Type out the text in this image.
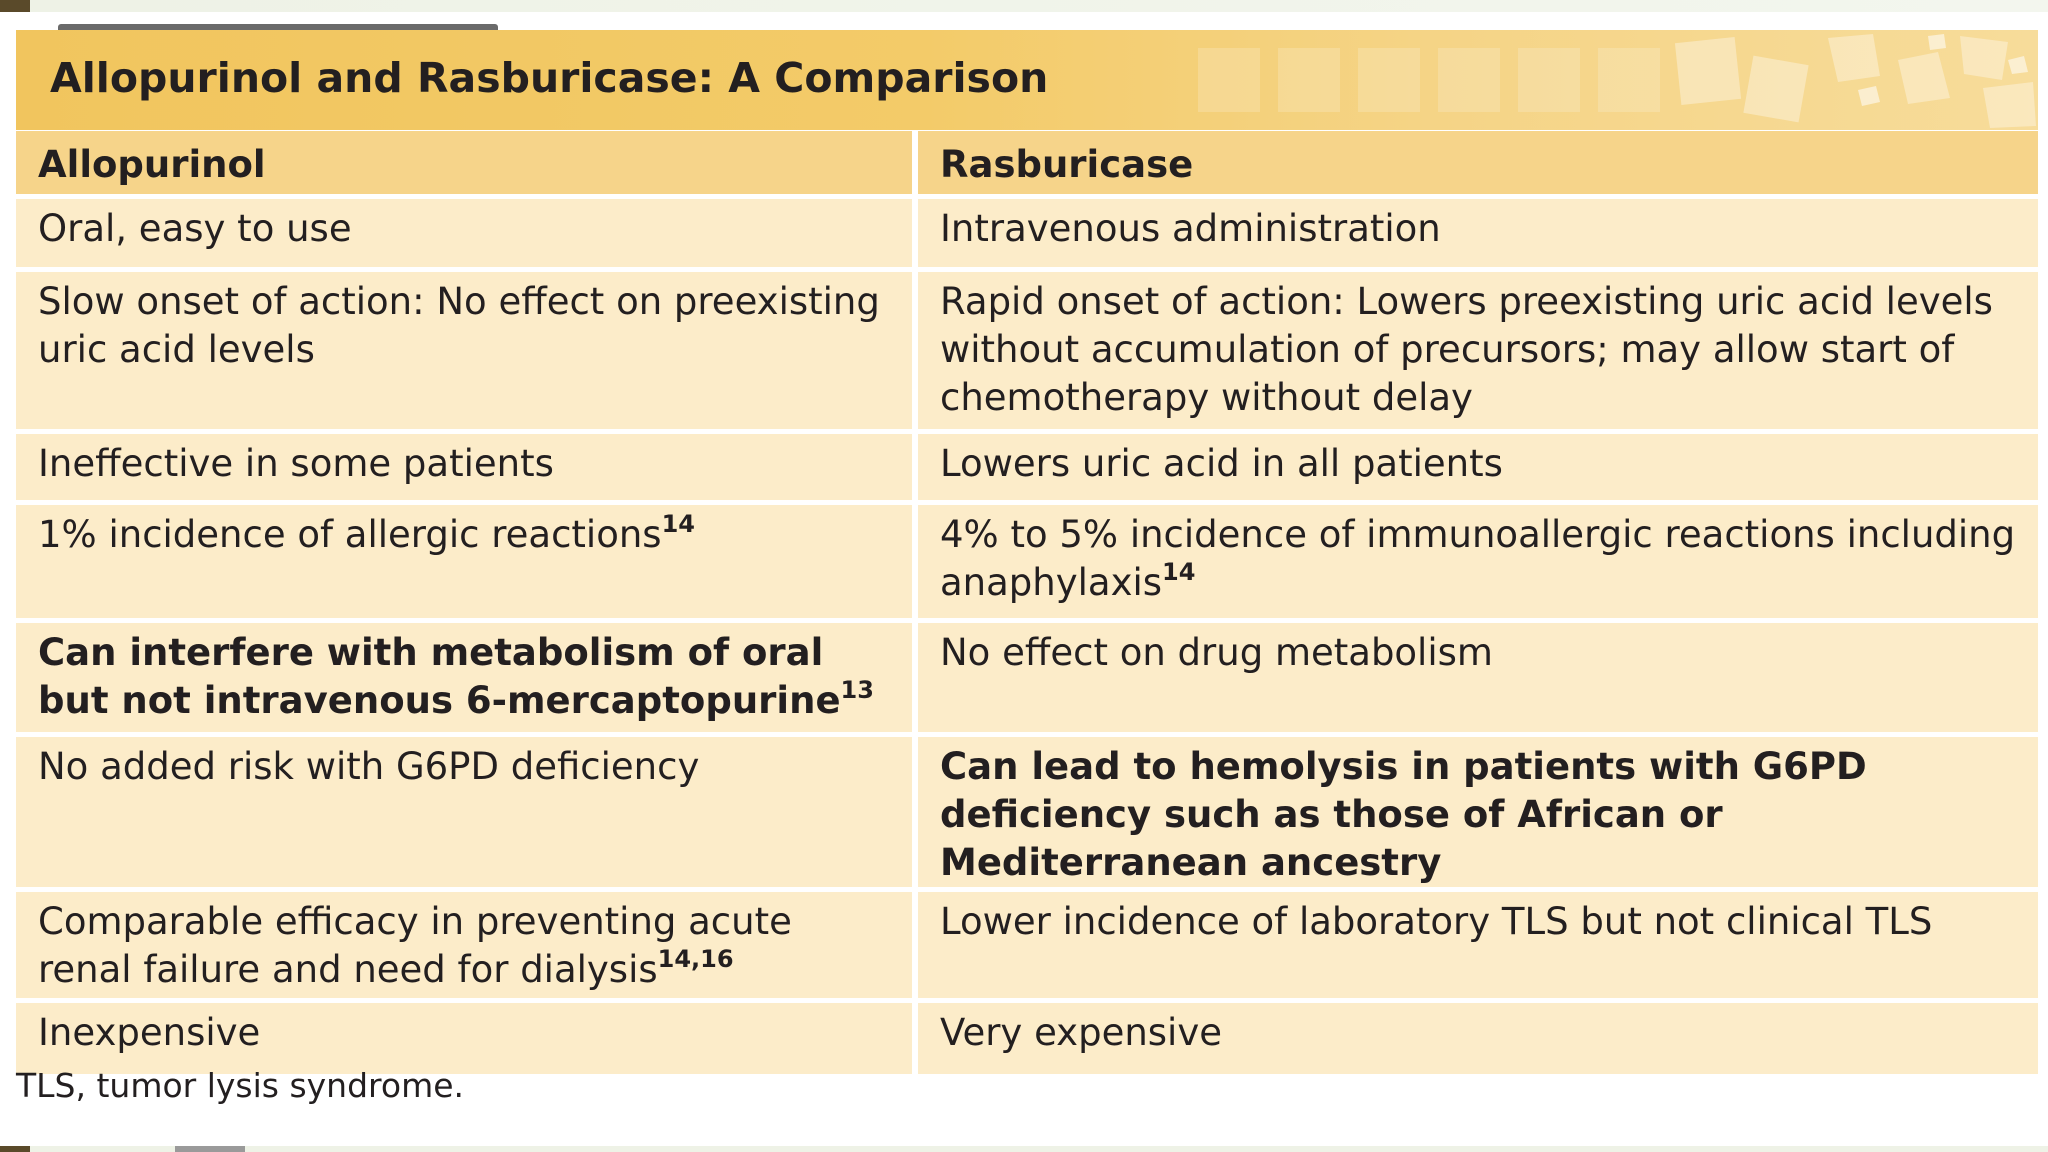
Allopurinol and Rasburicase: A Comparison
Allopurinol	Rasburicase
Oral, easy to use	Intravenous administration
Slow onset of action: No effect on preexisting uric acid levels	Rapid onset of action: Lowers preexisting uric acid levels without accumulation of precursors; may allow start of chemotherapy without delay
Ineffective in some patients	Lowers uric acid in all patients
1% incidence of allergic reactions$^{14}$	4% to 5% incidence of immunoallergic reactions including anaphylaxis$^{14}$
Can interfere with metabolism of oral but not intravenous 6-mercaptopurine$^{13}$	No effect on drug metabolism
No added risk with G6PD deficiency	Can lead to hemolysis in patients with G6PD deficiency such as those of African or Mediterranean ancestry
Comparable efficacy in preventing acute renal failure and need for dialysis$^{14,16}$	Lower incidence of laboratory TLS but not clinical TLS
Inexpensive	Very expensive
TLS, tumor lysis syndrome.
